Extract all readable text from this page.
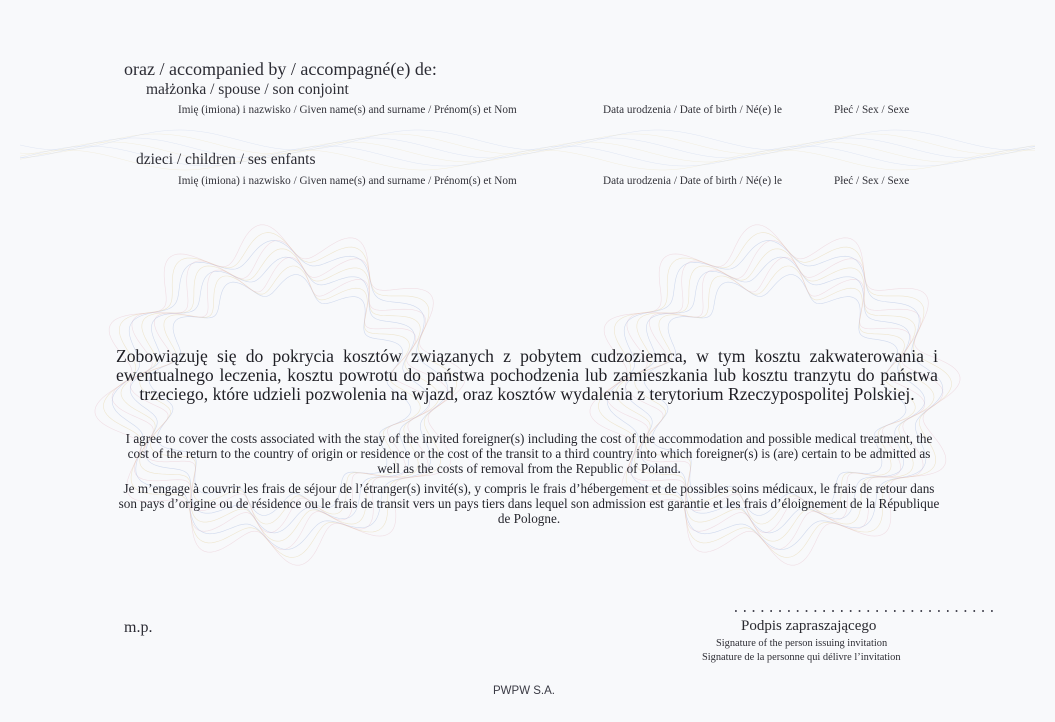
oraz / accompanied by / accompagné(e) de:
małżonka / spouse / son conjoint
Imię (imiona) i nazwisko / Given name(s) and surname / Prénom(s) et Nom	Data urodzenia / Date of birth / Né(e) le	Płeć / Sex / Sexe
dzieci / children / ses enfants
Imię (imiona) i nazwisko / Given name(s) and surname / Prénom(s) et Nom	Data urodzenia / Date of birth / Né(e) le	Płeć / Sex / Sexe
Zobowiązuję się do pokrycia kosztów związanych z pobytem cudzoziemca, w tym kosztu zakwaterowania i ewentualnego leczenia, kosztu powrotu do państwa pochodzenia lub zamieszkania lub kosztu tranzytu do państwa trzeciego, które udzieli pozwolenia na wjazd, oraz kosztów wydalenia z terytorium Rzeczypospolitej Polskiej.
I agree to cover the costs associated with the stay of the invited foreigner(s) including the cost of the accommodation and possible medical treatment, the cost of the return to the country of origin or residence or the cost of the transit to a third country into which foreigner(s) is (are) certain to be admitted as well as the costs of removal from the Republic of Poland.
Je m’engage à couvrir les frais de séjour de l’étranger(s) invité(s), y compris le frais d’hébergement et de possibles soins médicaux, le frais de retour dans son pays d’origine ou de résidence ou le frais de transit vers un pays tiers dans lequel son admission est garantie et les frais d’éloignement de la République de Pologne.
m.p.
..............................
Podpis zapraszającego
Signature of the person issuing invitation
Signature de la personne qui délivre l’invitation
PWPW S.A.
